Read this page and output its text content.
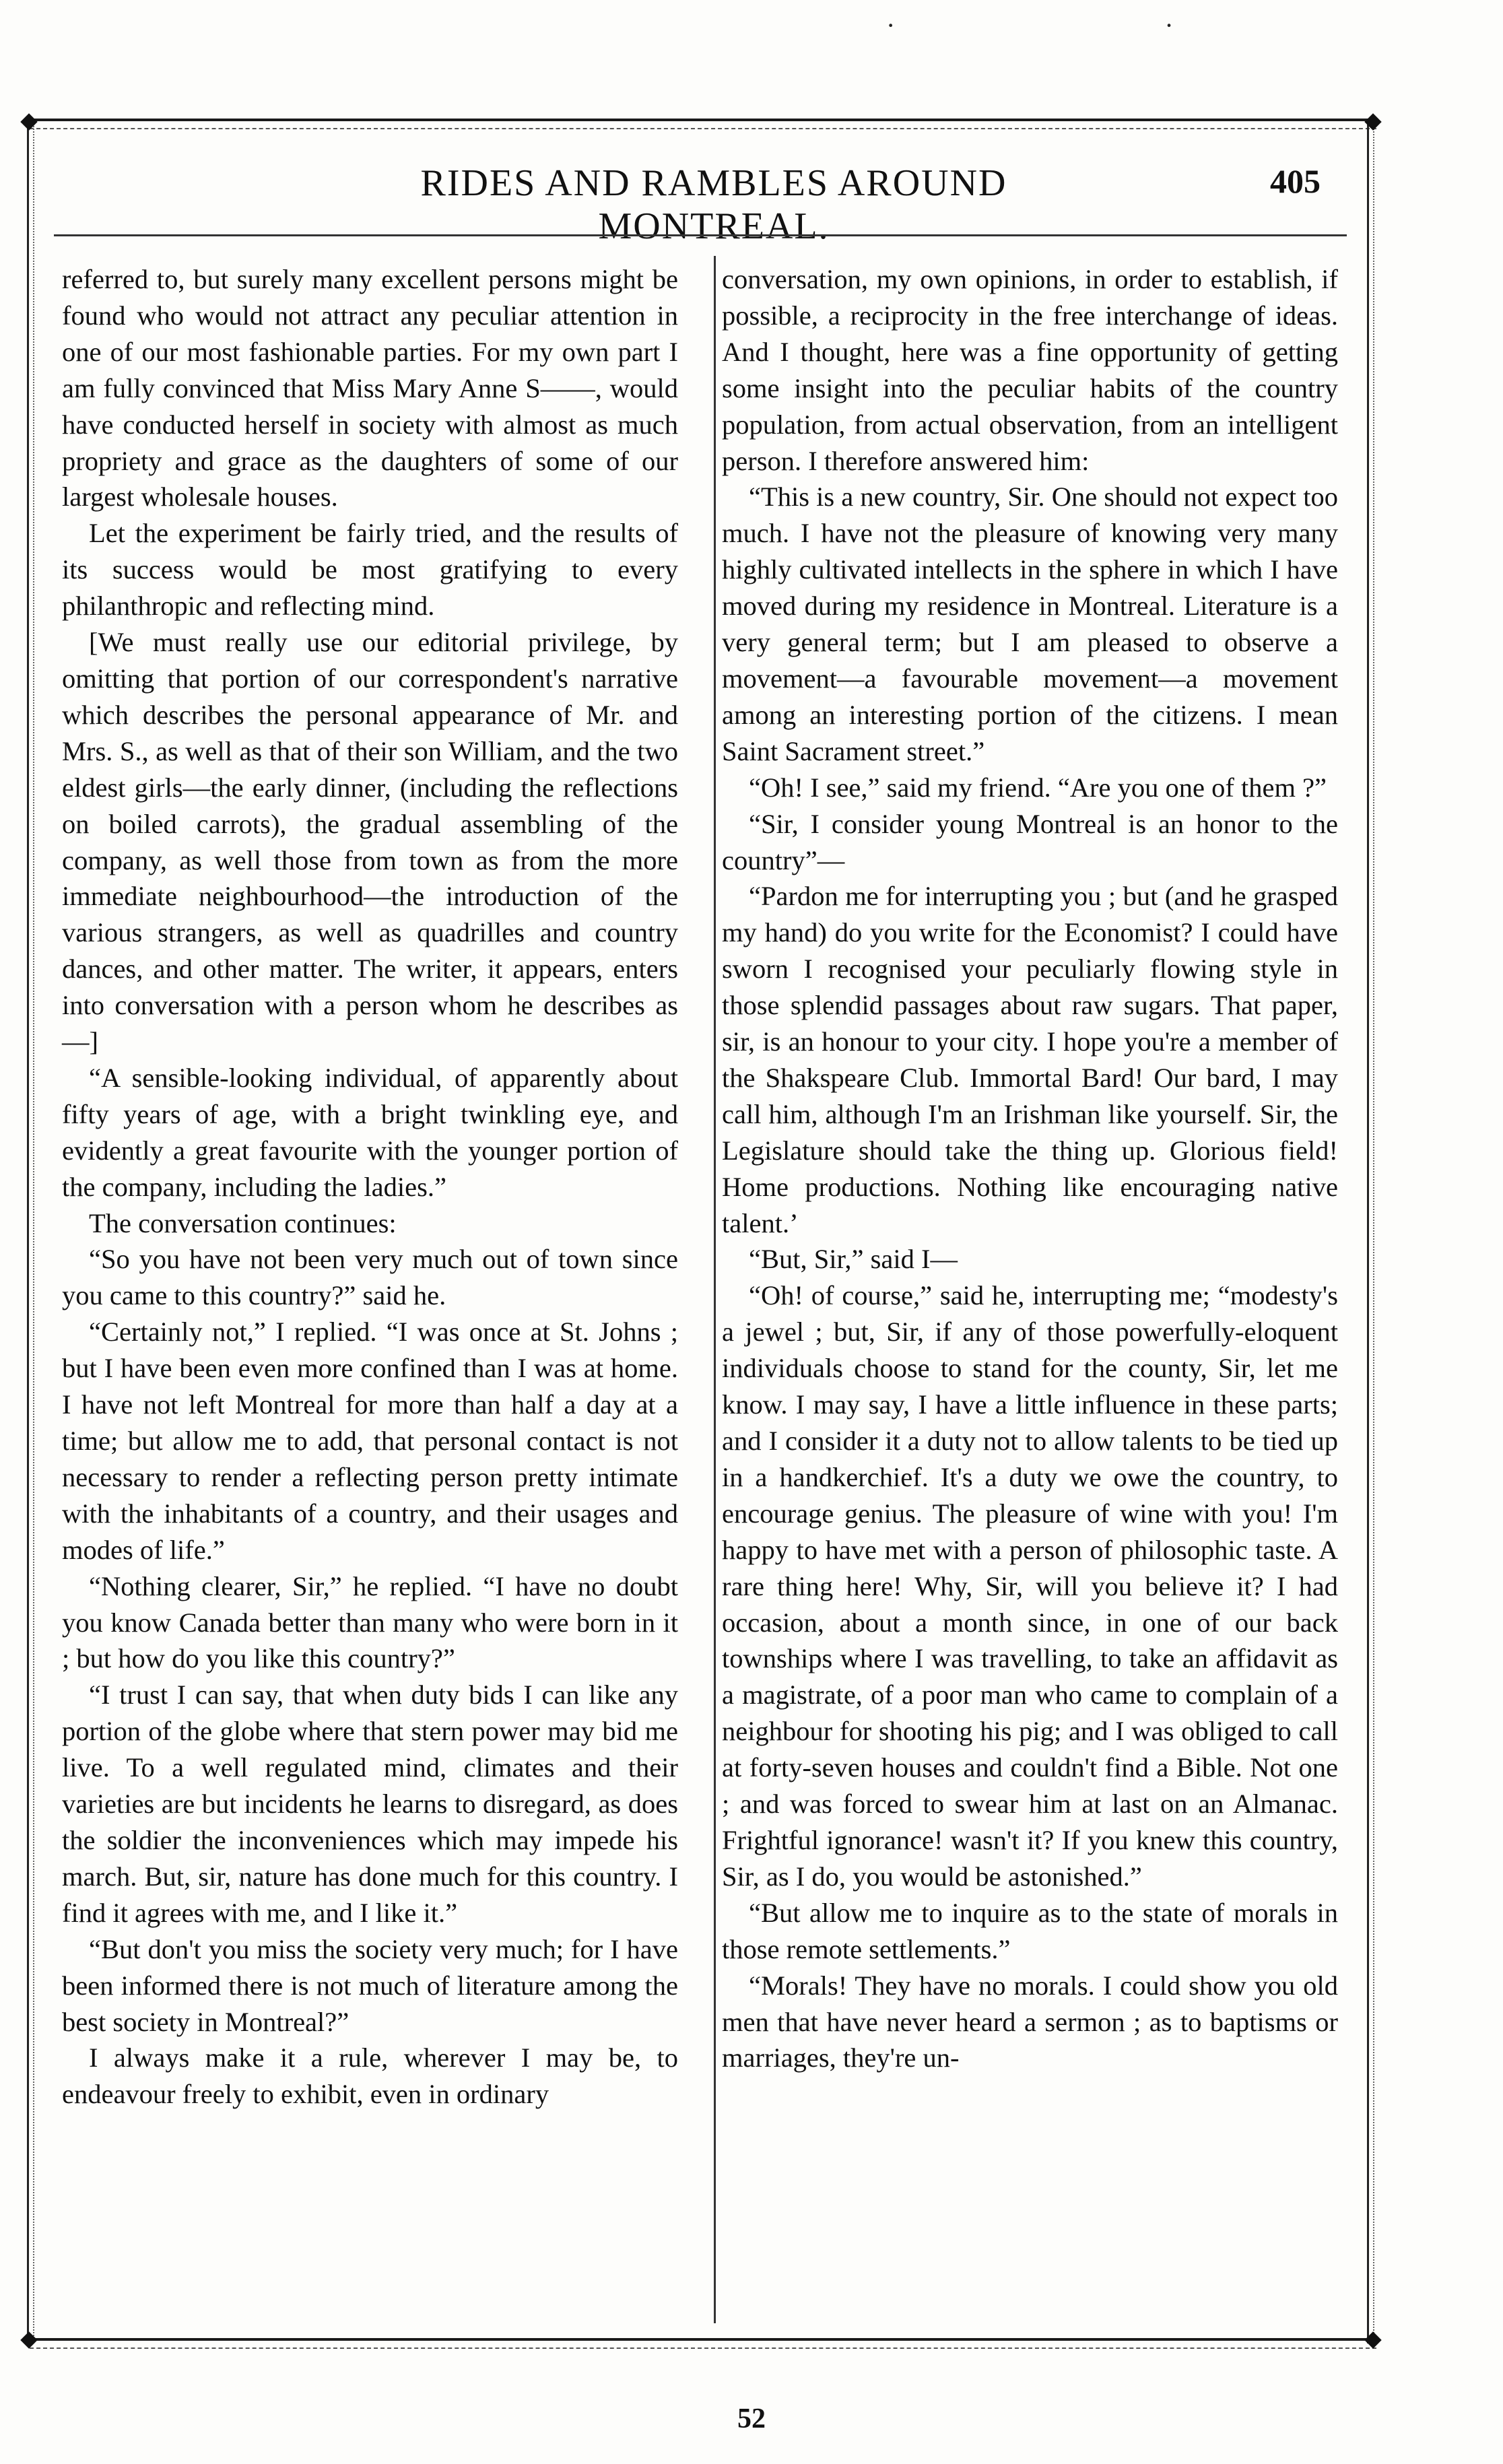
·                                        ·
RIDES AND RAMBLES AROUND MONTREAL.
405

referred to, but surely many excellent persons might be found who would not attract any peculiar attention in one of our most fashionable parties. For my own part I am fully convinced that Miss Mary Anne S——, would have conducted herself in society with almost as much propriety and grace as the daughters of some of our largest wholesale houses.

Let the experiment be fairly tried, and the results of its success would be most gratifying to every philanthropic and reflecting mind.

[We must really use our editorial privilege, by omitting that portion of our correspondent's narrative which describes the personal appearance of Mr. and Mrs. S., as well as that of their son William, and the two eldest girls—the early dinner, (including the reflections on boiled carrots), the gradual assembling of the company, as well those from town as from the more immediate neighbourhood—the introduction of the various strangers, as well as quadrilles and country dances, and other matter. The writer, it appears, enters into conversation with a person whom he describes as—]

“A sensible-looking individual, of apparently about fifty years of age, with a bright twinkling eye, and evidently a great favourite with the younger portion of the company, including the ladies.”

The conversation continues:

“So you have not been very much out of town since you came to this country?” said he.

“Certainly not,” I replied. “I was once at St. Johns ; but I have been even more confined than I was at home. I have not left Montreal for more than half a day at a time; but allow me to add, that personal contact is not necessary to render a reflecting person pretty intimate with the inhabitants of a country, and their usages and modes of life.”

“Nothing clearer, Sir,” he replied. “I have no doubt you know Canada better than many who were born in it ; but how do you like this country?”

“I trust I can say, that when duty bids I can like any portion of the globe where that stern power may bid me live. To a well regulated mind, climates and their varieties are but incidents he learns to disregard, as does the soldier the inconveniences which may impede his march. But, sir, nature has done much for this country. I find it agrees with me, and I like it.”

“But don't you miss the society very much; for I have been informed there is not much of literature among the best society in Montreal?”

I always make it a rule, wherever I may be, to endeavour freely to exhibit, even in ordinary

conversation, my own opinions, in order to establish, if possible, a reciprocity in the free interchange of ideas. And I thought, here was a fine opportunity of getting some insight into the peculiar habits of the country population, from actual observation, from an intelligent person. I therefore answered him:

“This is a new country, Sir. One should not expect too much. I have not the pleasure of knowing very many highly cultivated intellects in the sphere in which I have moved during my residence in Montreal. Literature is a very general term; but I am pleased to observe a movement—a favourable movement—a movement among an interesting portion of the citizens. I mean Saint Sacrament street.”

“Oh! I see,” said my friend. “Are you one of them ?”

“Sir, I consider young Montreal is an honor to the country”—

“Pardon me for interrupting you ; but (and he grasped my hand) do you write for the Economist? I could have sworn I recognised your peculiarly flowing style in those splendid passages about raw sugars. That paper, sir, is an honour to your city. I hope you're a member of the Shakspeare Club. Immortal Bard! Our bard, I may call him, although I'm an Irishman like yourself. Sir, the Legislature should take the thing up. Glorious field! Home productions. Nothing like encouraging native talent.’

“But, Sir,” said I—

“Oh! of course,” said he, interrupting me; “modesty's a jewel ; but, Sir, if any of those powerfully-eloquent individuals choose to stand for the county, Sir, let me know. I may say, I have a little influence in these parts; and I consider it a duty not to allow talents to be tied up in a handkerchief. It's a duty we owe the country, to encourage genius. The pleasure of wine with you! I'm happy to have met with a person of philosophic taste. A rare thing here! Why, Sir, will you believe it? I had occasion, about a month since, in one of our back townships where I was travelling, to take an affidavit as a magistrate, of a poor man who came to complain of a neighbour for shooting his pig; and I was obliged to call at forty-seven houses and couldn't find a Bible. Not one ; and was forced to swear him at last on an Almanac. Frightful ignorance! wasn't it? If you knew this country, Sir, as I do, you would be astonished.”

“But allow me to inquire as to the state of morals in those remote settlements.”

“Morals! They have no morals. I could show you old men that have never heard a sermon ; as to baptisms or marriages, they're un-

52
